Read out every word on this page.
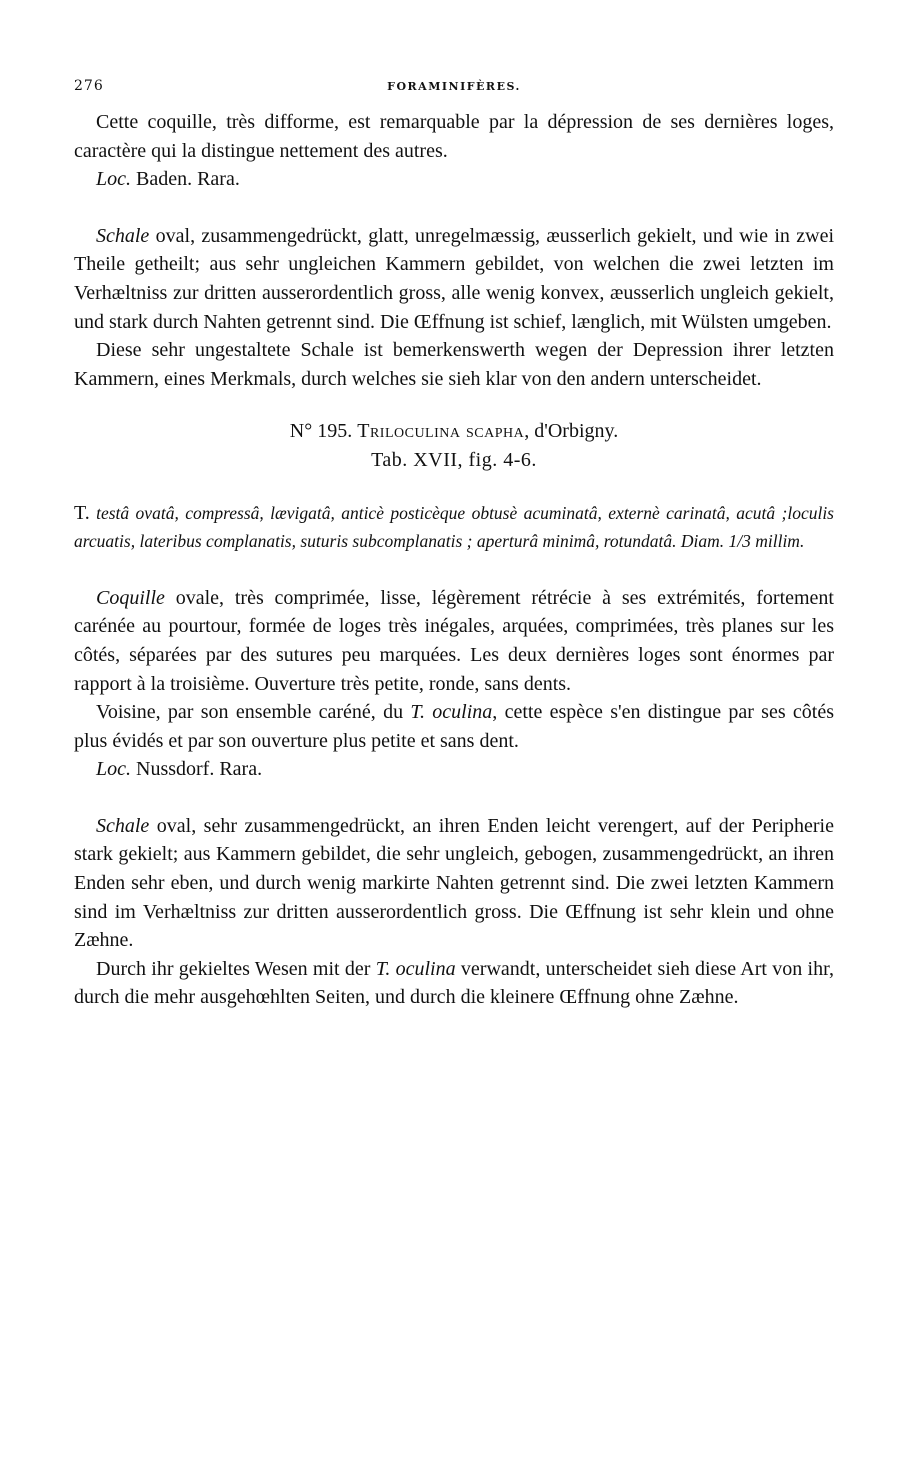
276	FORAMINIFÈRES.

Cette coquille, très difforme, est remarquable par la dépression de ses dernières loges, caractère qui la distingue nettement des autres.

Loc. Baden. Rara.

Schale oval, zusammengedrückt, glatt, unregelmæssig, æusserlich gekielt, und wie in zwei Theile getheilt; aus sehr ungleichen Kammern gebildet, von welchen die zwei letzten im Verhæltniss zur dritten ausserordentlich gross, alle wenig konvex, æusserlich ungleich gekielt, und stark durch Nahten getrennt sind. Die Œffnung ist schief, længlich, mit Wülsten umgeben.

Diese sehr ungestaltete Schale ist bemerkenswerth wegen der Depression ihrer letzten Kammern, eines Merkmals, durch welches sie sieh klar von den andern unterscheidet.

N° 195. Triloculina scapha, d'Orbigny.

Tab. XVII, fig. 4-6.

T. testâ ovatâ, compressâ, lævigatâ, anticè posticèque obtusè acuminatâ, externè carinatâ, acutâ ;loculis arcuatis, lateribus complanatis, suturis subcomplanatis ; aperturâ minimâ, rotundatâ. Diam. 1/3 millim.

Coquille ovale, très comprimée, lisse, légèrement rétrécie à ses extrémités, fortement carénée au pourtour, formée de loges très inégales, arquées, comprimées, très planes sur les côtés, séparées par des sutures peu marquées. Les deux dernières loges sont énormes par rapport à la troisième. Ouverture très petite, ronde, sans dents.

Voisine, par son ensemble caréné, du T. oculina, cette espèce s'en distingue par ses côtés plus évidés et par son ouverture plus petite et sans dent.

Loc. Nussdorf. Rara.

Schale oval, sehr zusammengedrückt, an ihren Enden leicht verengert, auf der Peripherie stark gekielt; aus Kammern gebildet, die sehr ungleich, gebogen, zusammengedrückt, an ihren Enden sehr eben, und durch wenig markirte Nahten getrennt sind. Die zwei letzten Kammern sind im Verhæltniss zur dritten ausserordentlich gross. Die Œffnung ist sehr klein und ohne Zæhne.

Durch ihr gekieltes Wesen mit der T. oculina verwandt, unterscheidet sieh diese Art von ihr, durch die mehr ausgehœhlten Seiten, und durch die kleinere Œffnung ohne Zæhne.
